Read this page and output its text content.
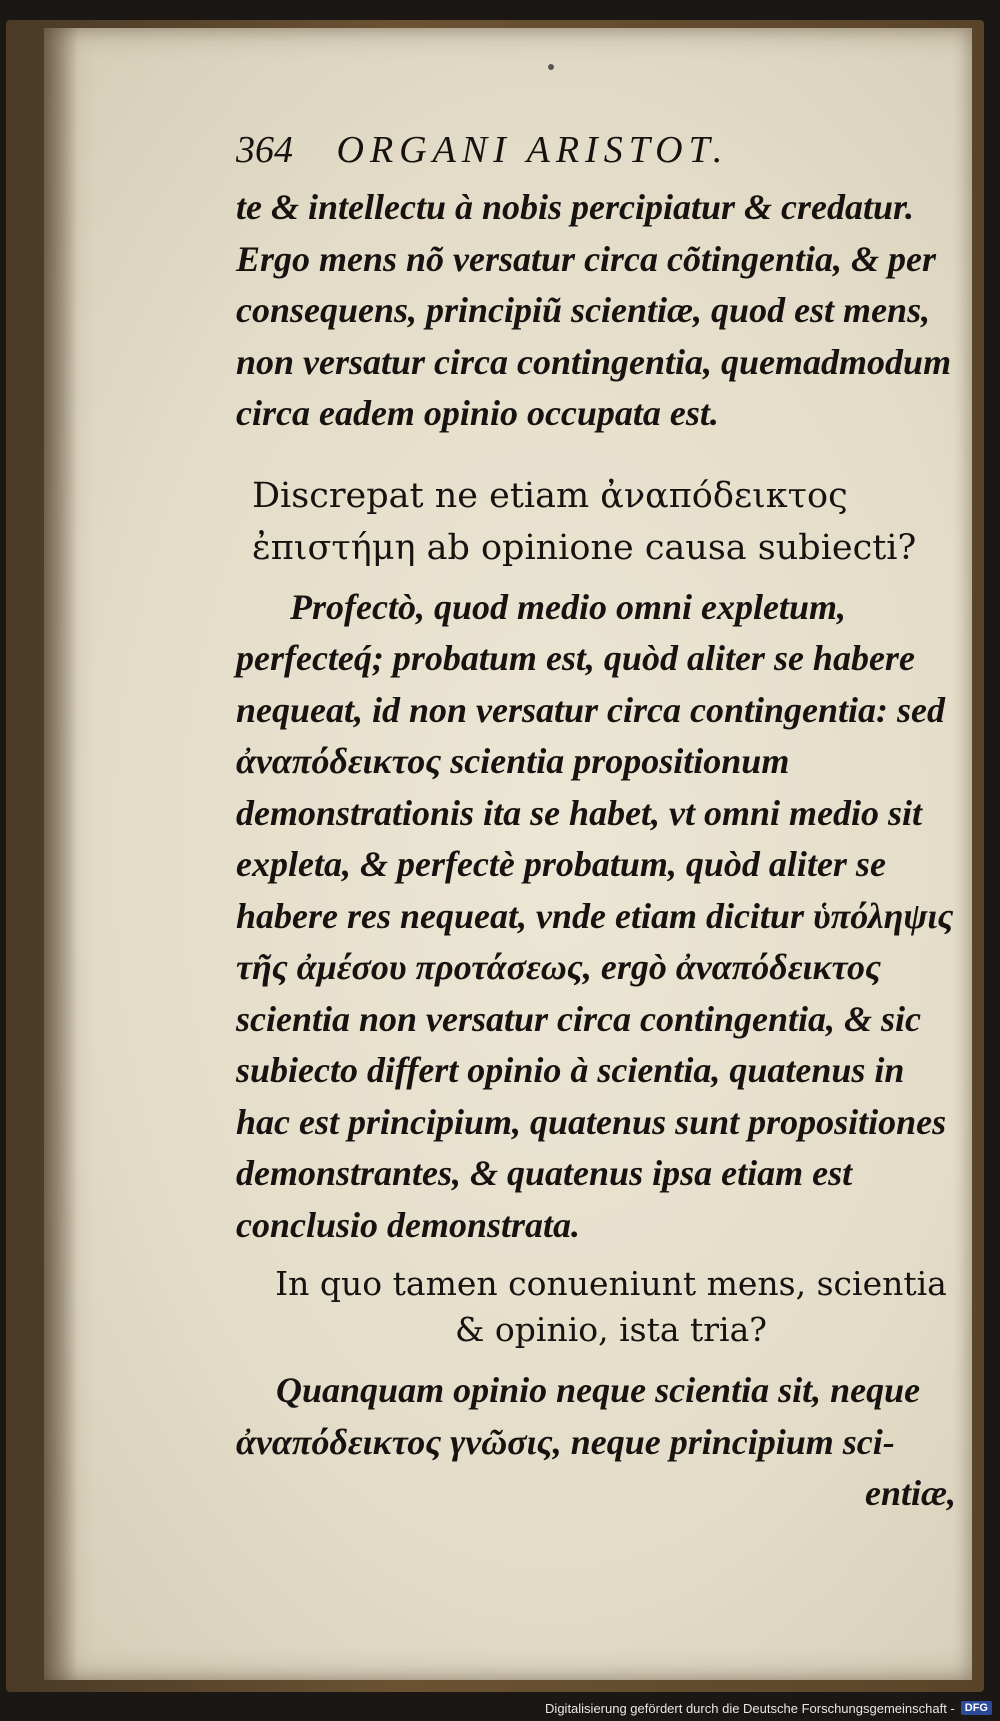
364 ORGANI ARISTOT.

te & intellectu à nobis percipiatur & credatur. Ergo mens nõ versatur circa cõtingentia, & per consequens, principiũ scientiæ, quod est mens, non versatur circa contingentia, quemadmodum circa eadem opinio occupata est.

Discrepat ne etiam ἀναπόδεικτος ἐπιστήμη ab opinione causa subiecti?

Profectò, quod medio omni expletum, perfecteq́; probatum est, quòd aliter se habere nequeat, id non versatur circa contingentia: sed ἀναπόδεικτος scientia propositionum demonstrationis ita se habet, vt omni medio sit expleta, & perfectè probatum, quòd aliter se habere res nequeat, vnde etiam dicitur ὑπόληψις τῆς ἀμέσου προτάσεως, ergò ἀναπόδεικτος scientia non versatur circa contingentia, & sic subiecto differt opinio à scientia, quatenus in hac est principium, quatenus sunt propositiones demonstrantes, & quatenus ipsa etiam est conclusio demonstrata.

In quo tamen conueniunt mens, scientia & opinio, ista tria?

Quanquam opinio neque scientia sit, neque ἀναπόδεικτος γνῶσις, neque principium sci-
entiæ,

Digitalisierung gefördert durch die Deutsche Forschungsgemeinschaft - DFG
